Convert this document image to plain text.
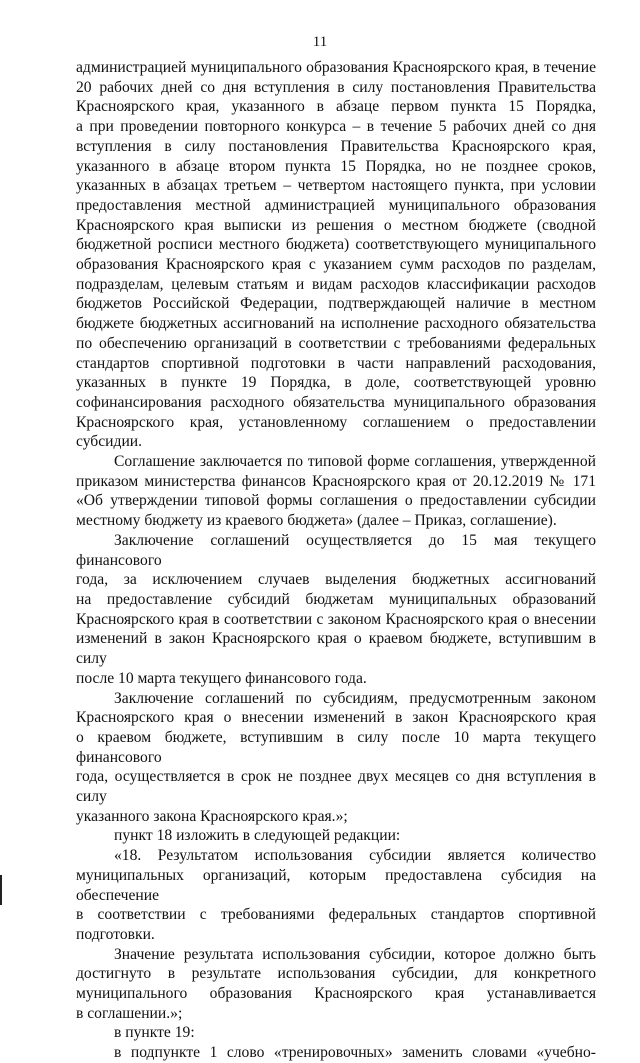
11

администрацией муниципального образования Красноярского края, в течение

20 рабочих дней со дня вступления в силу постановления Правительства

Красноярского края, указанного в абзаце первом пункта 15 Порядка,

а при проведении повторного конкурса – в течение 5 рабочих дней со дня

вступления в силу постановления Правительства Красноярского края,

указанного в абзаце втором пункта 15 Порядка, но не позднее сроков,

указанных в абзацах третьем – четвертом настоящего пункта, при условии

предоставления местной администрацией муниципального образования

Красноярского края выписки из решения о местном бюджете (сводной

бюджетной росписи местного бюджета) соответствующего муниципального

образования Красноярского края с указанием сумм расходов по разделам,

подразделам, целевым статьям и видам расходов классификации расходов

бюджетов Российской Федерации, подтверждающей наличие в местном

бюджете бюджетных ассигнований на исполнение расходного обязательства

по обеспечению организаций в соответствии с требованиями федеральных

стандартов спортивной подготовки в части направлений расходования,

указанных в пункте 19 Порядка, в доле, соответствующей уровню

софинансирования расходного обязательства муниципального образования

Красноярского края, установленному соглашением о предоставлении субсидии.

Соглашение заключается по типовой форме соглашения, утвержденной

приказом министерства финансов Красноярского края от 20.12.2019 № 171

«Об утверждении типовой формы соглашения о предоставлении субсидии

местному бюджету из краевого бюджета» (далее – Приказ, соглашение).

Заключение соглашений осуществляется до 15 мая текущего финансового

года, за исключением случаев выделения бюджетных ассигнований

на предоставление субсидий бюджетам муниципальных образований

Красноярского края в соответствии с законом Красноярского края о внесении

изменений в закон Красноярского края о краевом бюджете, вступившим в силу

после 10 марта текущего финансового года.

Заключение соглашений по субсидиям, предусмотренным законом

Красноярского края о внесении изменений в закон Красноярского края

о краевом бюджете, вступившим в силу после 10 марта текущего финансового

года, осуществляется в срок не позднее двух месяцев со дня вступления в силу

указанного закона Красноярского края.»;

пункт 18 изложить в следующей редакции:

«18. Результатом использования субсидии является количество

муниципальных организаций, которым предоставлена субсидия на обеспечение

в соответствии с требованиями федеральных стандартов спортивной

подготовки.

Значение результата использования субсидии, которое должно быть

достигнуто в результате использования субсидии, для конкретного

муниципального образования Красноярского края устанавливается

в соглашении.»;

в пункте 19:

в подпункте 1 слово «тренировочных» заменить словами «учебно-
